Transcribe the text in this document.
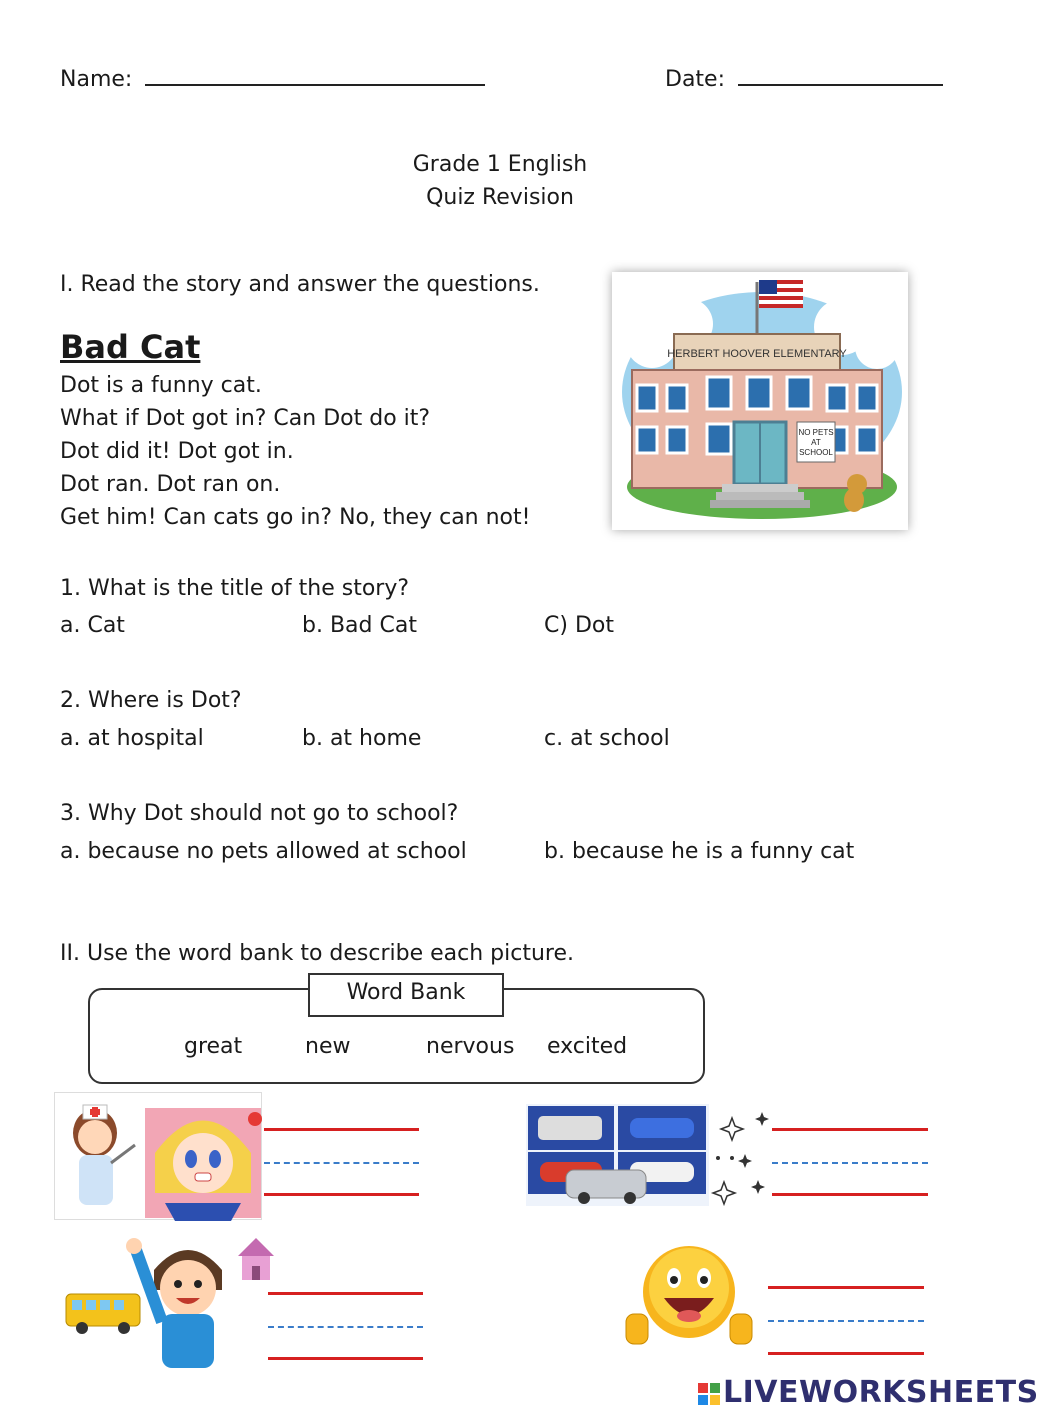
Name:	Date:
Grade 1 English
Quiz Revision
I. Read the story and answer the questions.
Bad Cat
Dot is a funny cat.
What if Dot got in? Can Dot do it?
Dot did it! Dot got in.
Dot ran. Dot ran on.
Get him! Can cats go in? No, they can not!
HERBERT HOOVER ELEMENTARY
NO PETS
AT
SCHOOL
1. What is the title of the story?
a. Cat	b. Bad Cat	C) Dot
2. Where is Dot?
a. at hospital	b. at home	c. at school
3. Why Dot should not go to school?
a. because no pets allowed at school	b. because he is a funny cat
II. Use the word bank to describe each picture.
Word Bank
great	new	nervous excited
LIVEWORKSHEETS
